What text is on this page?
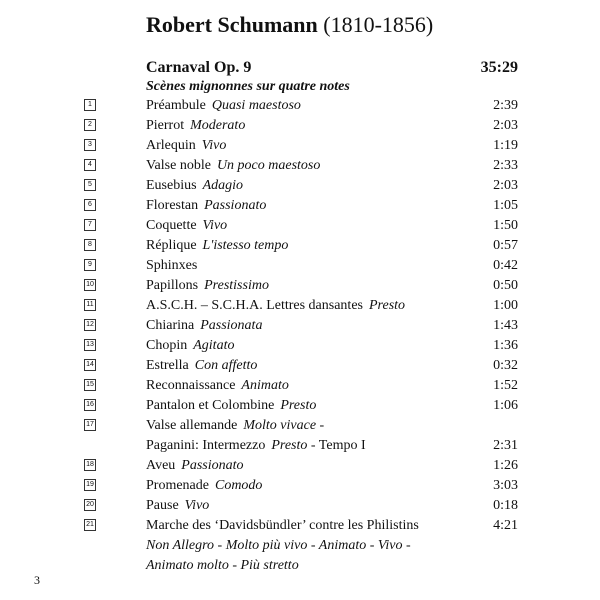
Robert Schumann (1810-1856)
Carnaval Op. 9	35:29
Scènes mignonnes sur quatre notes
1	Préambule Quasi maestoso	2:39
2	Pierrot Moderato	2:03
3	Arlequin Vivo	1:19
4	Valse noble Un poco maestoso	2:33
5	Eusebius Adagio	2:03
6	Florestan Passionato	1:05
7	Coquette Vivo	1:50
8	Réplique L'istesso tempo	0:57
9	Sphinxes	0:42
10	Papillons Prestissimo	0:50
11	A.S.C.H. – S.C.H.A. Lettres dansantes Presto	1:00
12	Chiarina Passionata	1:43
13	Chopin Agitato	1:36
14	Estrella Con affetto	0:32
15	Reconnaissance Animato	1:52
16	Pantalon et Colombine Presto	1:06
17	Valse allemande Molto vivace -
Paganini: Intermezzo Presto - Tempo I	2:31
18	Aveu Passionato	1:26
19	Promenade Comodo	3:03
20	Pause Vivo	0:18
21	Marche des ‘Davidsbündler’ contre les Philistins	4:21
Non Allegro - Molto più vivo - Animato - Vivo -
Animato molto - Più stretto
3
